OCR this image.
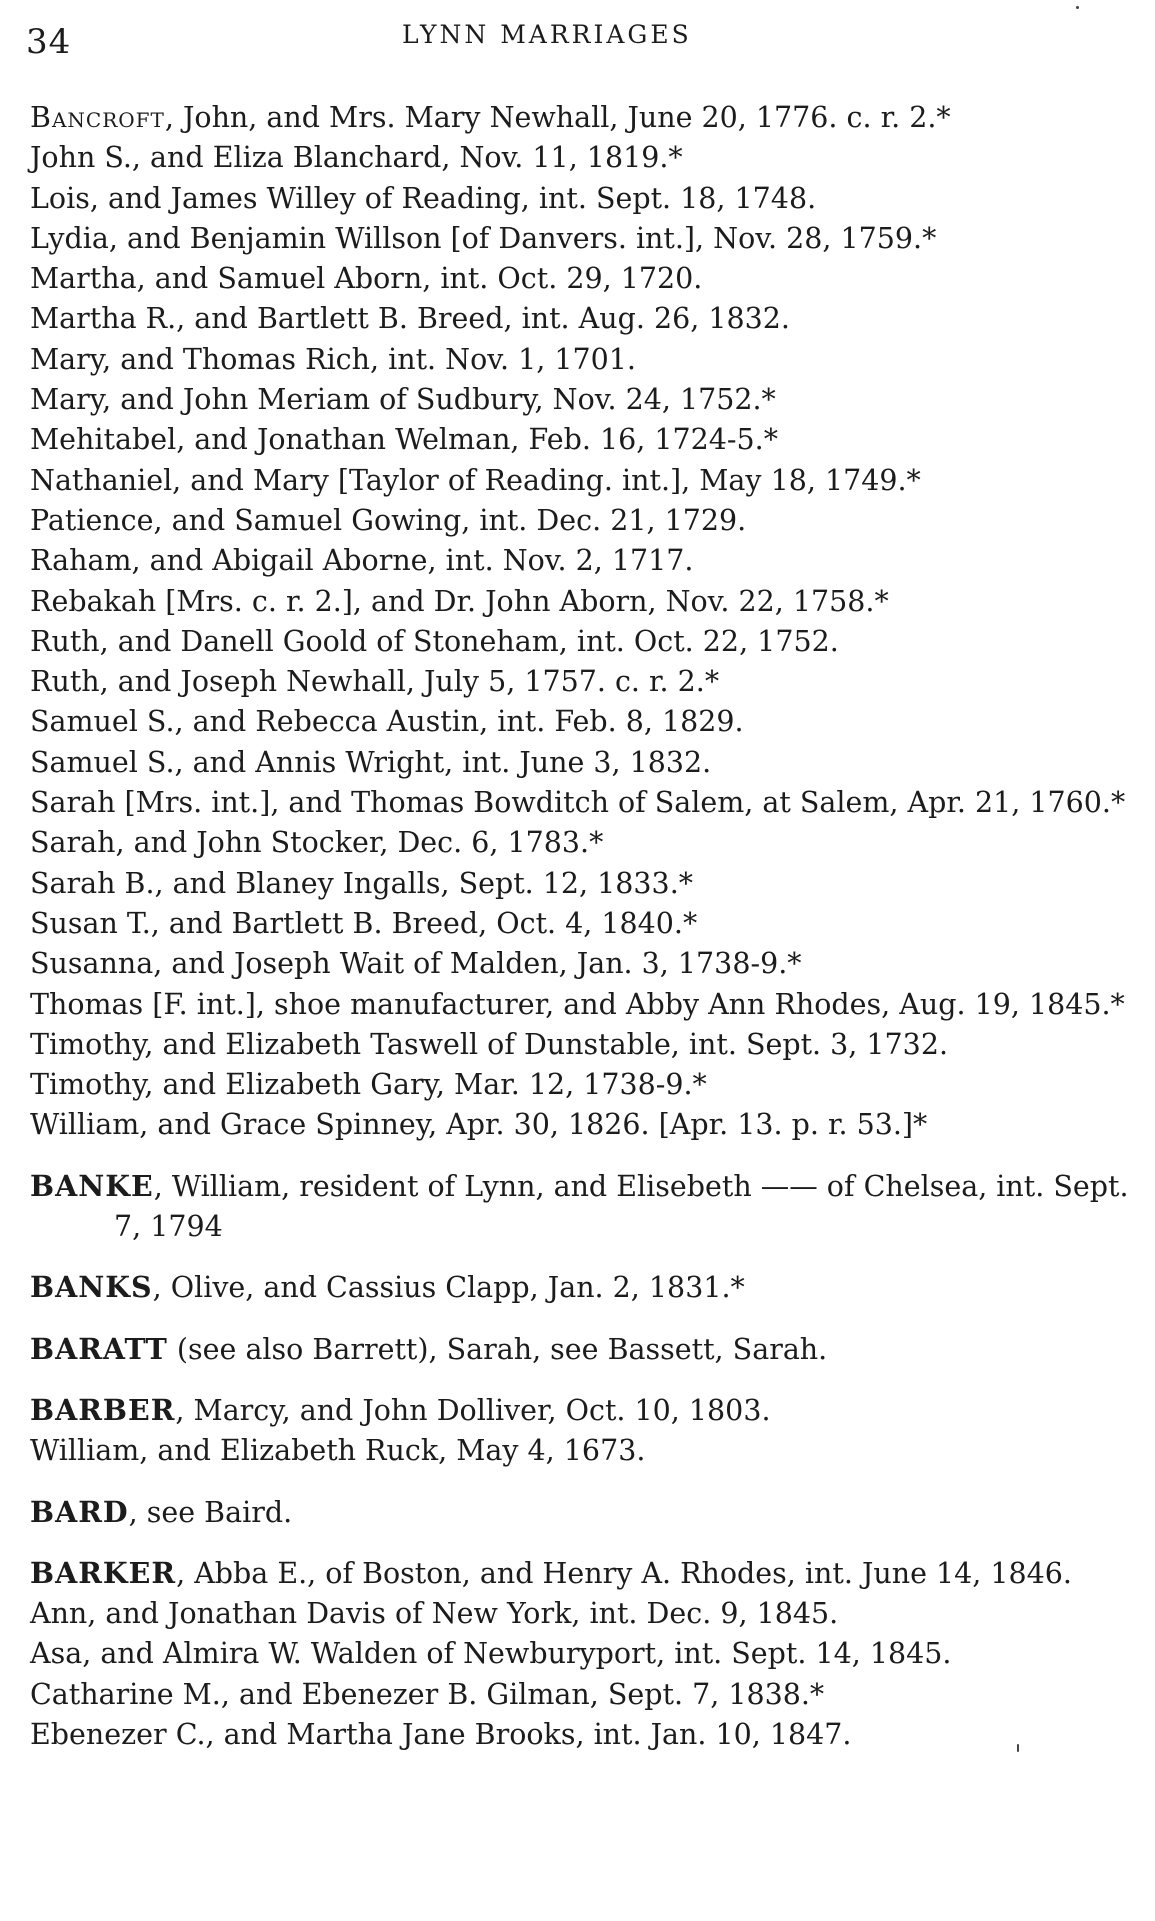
34	LYNN MARRIAGES
Bancroft, John, and Mrs. Mary Newhall, June 20, 1776. c. r. 2.*
John S., and Eliza Blanchard, Nov. 11, 1819.*
Lois, and James Willey of Reading, int. Sept. 18, 1748.
Lydia, and Benjamin Willson [of Danvers. int.], Nov. 28, 1759.*
Martha, and Samuel Aborn, int. Oct. 29, 1720.
Martha R., and Bartlett B. Breed, int. Aug. 26, 1832.
Mary, and Thomas Rich, int. Nov. 1, 1701.
Mary, and John Meriam of Sudbury, Nov. 24, 1752.*
Mehitabel, and Jonathan Welman, Feb. 16, 1724-5.*
Nathaniel, and Mary [Taylor of Reading. int.], May 18, 1749.*
Patience, and Samuel Gowing, int. Dec. 21, 1729.
Raham, and Abigail Aborne, int. Nov. 2, 1717.
Rebakah [Mrs. c. r. 2.], and Dr. John Aborn, Nov. 22, 1758.*
Ruth, and Danell Goold of Stoneham, int. Oct. 22, 1752.
Ruth, and Joseph Newhall, July 5, 1757. c. r. 2.*
Samuel S., and Rebecca Austin, int. Feb. 8, 1829.
Samuel S., and Annis Wright, int. June 3, 1832.
Sarah [Mrs. int.], and Thomas Bowditch of Salem, at Salem, Apr. 21, 1760.*
Sarah, and John Stocker, Dec. 6, 1783.*
Sarah B., and Blaney Ingalls, Sept. 12, 1833.*
Susan T., and Bartlett B. Breed, Oct. 4, 1840.*
Susanna, and Joseph Wait of Malden, Jan. 3, 1738-9.*
Thomas [F. int.], shoe manufacturer, and Abby Ann Rhodes, Aug. 19, 1845.*
Timothy, and Elizabeth Taswell of Dunstable, int. Sept. 3, 1732.
Timothy, and Elizabeth Gary, Mar. 12, 1738-9.*
William, and Grace Spinney, Apr. 30, 1826. [Apr. 13. p. r. 53.]*
BANKE, William, resident of Lynn, and Elisebeth —— of Chelsea, int. Sept. 7, 1794
BANKS, Olive, and Cassius Clapp, Jan. 2, 1831.*
BARATT (see also Barrett), Sarah, see Bassett, Sarah.
BARBER, Marcy, and John Dolliver, Oct. 10, 1803.
William, and Elizabeth Ruck, May 4, 1673.
BARD, see Baird.
BARKER, Abba E., of Boston, and Henry A. Rhodes, int. June 14, 1846.
Ann, and Jonathan Davis of New York, int. Dec. 9, 1845.
Asa, and Almira W. Walden of Newburyport, int. Sept. 14, 1845.
Catharine M., and Ebenezer B. Gilman, Sept. 7, 1838.*
Ebenezer C., and Martha Jane Brooks, int. Jan. 10, 1847.
